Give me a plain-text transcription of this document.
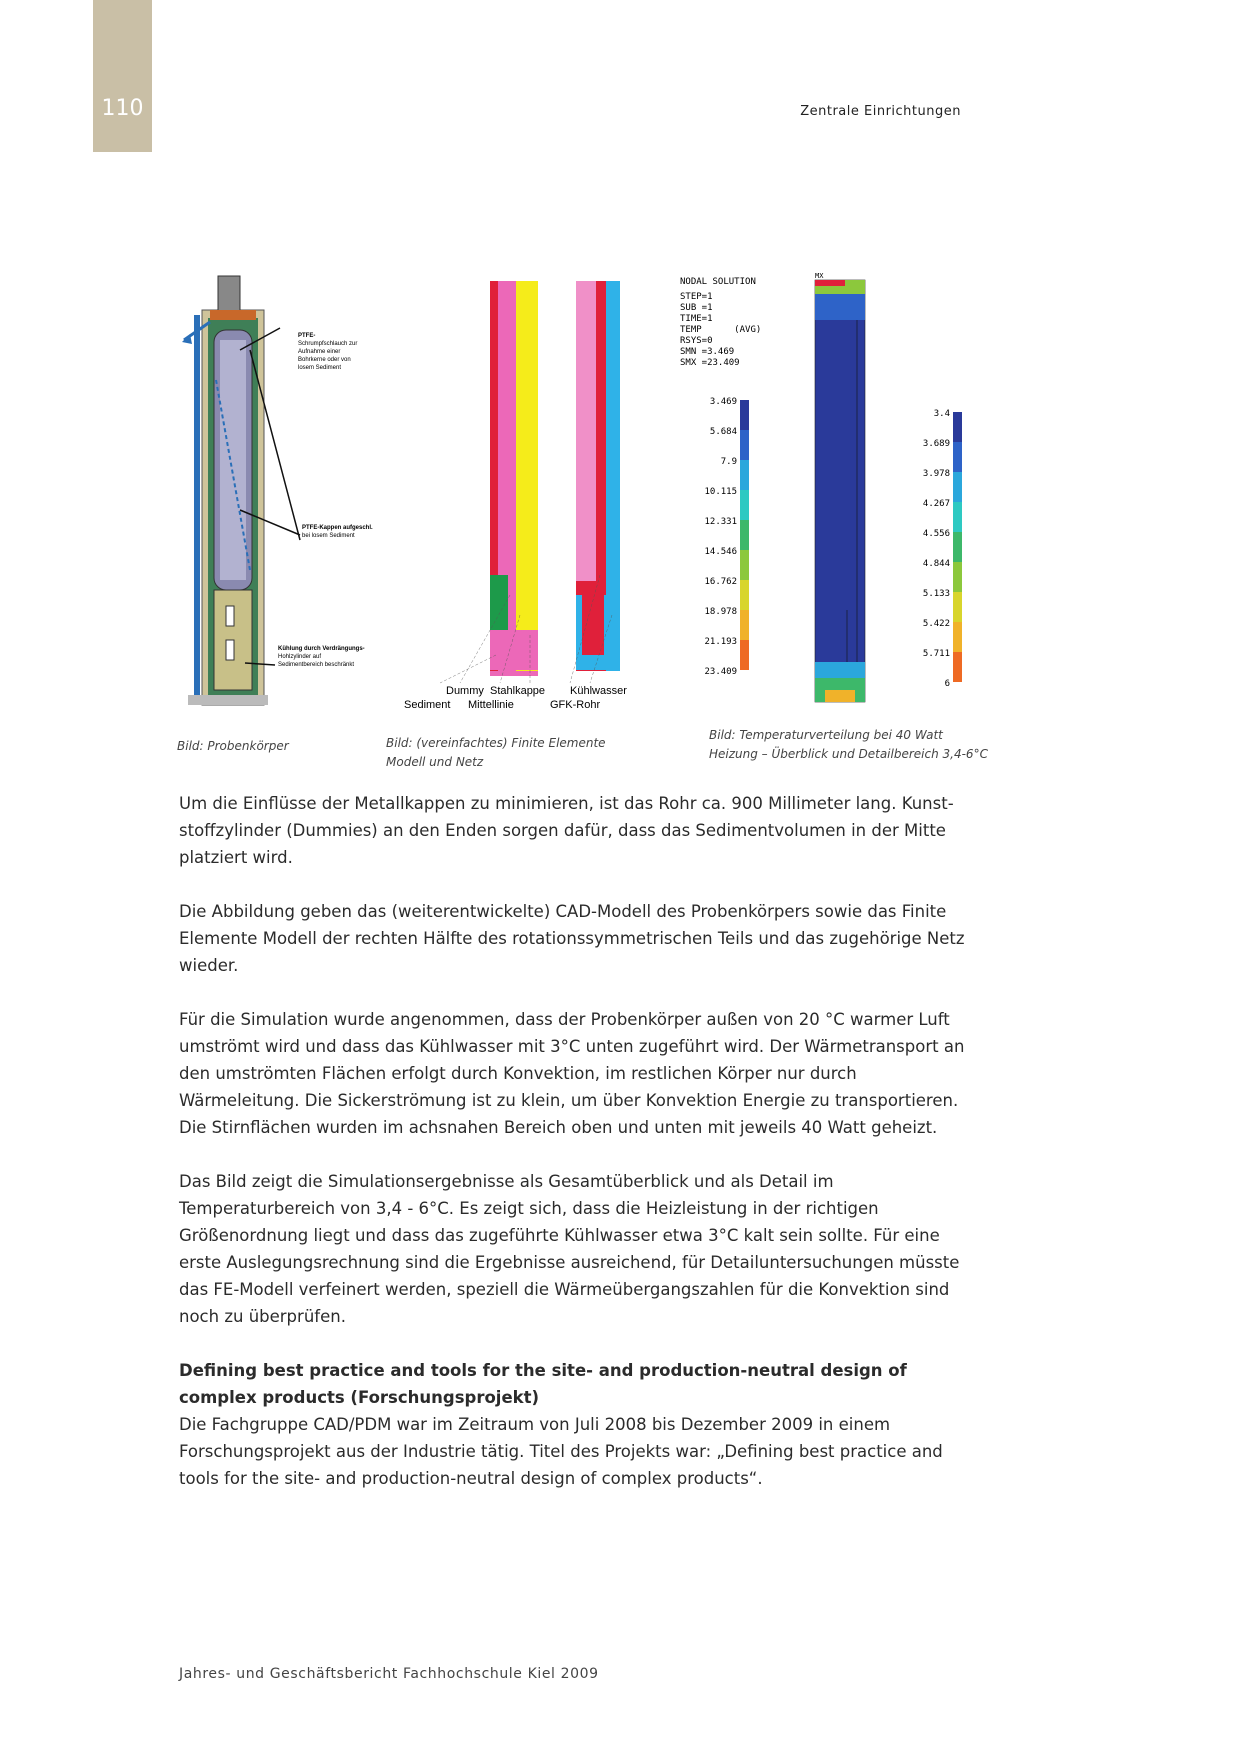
110	Zentrale Einrichtungen
PTFE-
Schrumpfschlauch zur
Aufnahme einer
Bohrkerne oder von
losem Sediment
PTFE-Kappen aufgeschl.
bei losem Sediment
Kühlung durch Verdrängungs-
Hohlzylinder auf
Sedimentbereich beschränkt
Bild: Probenkörper
Dummy Stahlkappe Kühlwasser
Sediment Mittellinie	GFK-Rohr
Bild: (vereinfachtes) Finite Elemente
Modell und Netz
NODAL SOLUTION
STEP=1
SUB =1
TIME=1
TEMP      (AVG)
RSYS=0
SMN =3.469
SMX =23.409
3.469
5.684
7.9
10.115
12.331
14.546
16.762
18.978
21.193
23.409
3.4
3.689
3.978
4.267
4.556
4.844
5.133
5.422
5.711
6
MX
Bild: Temperaturverteilung bei 40 Watt
Heizung – Überblick und Detailbereich 3,4-6°C

Um die Einflüsse der Metallkappen zu minimieren, ist das Rohr ca. 900 Millimeter lang. Kunststoffzylinder (Dummies) an den Enden sorgen dafür, dass das Sedimentvolumen in der Mitte platziert wird.

Die Abbildung geben das (weiterentwickelte) CAD-Modell des Probenkörpers sowie das Finite Elemente Modell der rechten Hälfte des rotationssymmetrischen Teils und das zugehörige Netz wieder.

Für die Simulation wurde angenommen, dass der Probenkörper außen von 20 °C warmer Luft umströmt wird und dass das Kühlwasser mit 3°C unten zugeführt wird. Der Wärmetransport an den umströmten Flächen erfolgt durch Konvektion, im restlichen Körper nur durch Wärmeleitung. Die Sickerströmung ist zu klein, um über Konvektion Energie zu transportieren. Die Stirnflächen wurden im achsnahen Bereich oben und unten mit jeweils 40 Watt geheizt.

Das Bild zeigt die Simulationsergebnisse als Gesamtüberblick und als Detail im Temperaturbereich von 3,4 - 6°C. Es zeigt sich, dass die Heizleistung in der richtigen Größenordnung liegt und dass das zugeführte Kühlwasser etwa 3°C kalt sein sollte. Für eine erste Auslegungsrechnung sind die Ergebnisse ausreichend, für Detailuntersuchungen müsste das FE-Modell verfeinert werden, speziell die Wärmeübergangszahlen für die Konvektion sind noch zu überprüfen.

Defining best practice and tools for the site- and production-neutral design of complex products (Forschungsprojekt)

Die Fachgruppe CAD/PDM war im Zeitraum von Juli 2008 bis Dezember 2009 in einem Forschungsprojekt aus der Industrie tätig. Titel des Projekts war: „Defining best practice and tools for the site- and production-neutral design of complex products“.

Jahres- und Geschäftsbericht Fachhochschule Kiel 2009
